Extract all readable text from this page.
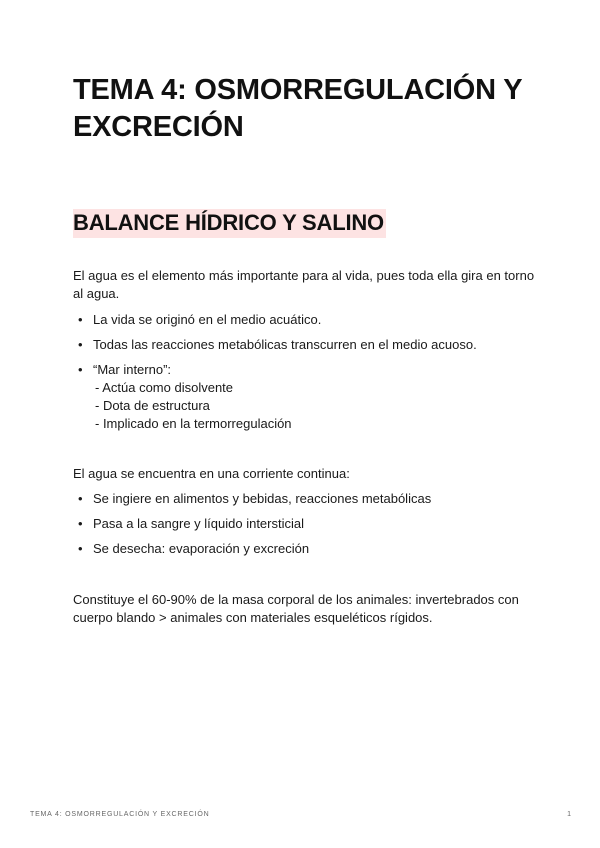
TEMA 4: OSMORREGULACIÓN Y EXCRECIÓN
BALANCE HÍDRICO Y SALINO

El agua es el elemento más importante para al vida, pues toda ella gira en torno al agua.

• La vida se originó en el medio acuático.
• Todas las reacciones metabólicas transcurren en el medio acuoso.
• “Mar interno”:
- Actúa como disolvente
- Dota de estructura
- Implicado en la termorregulación

El agua se encuentra en una corriente continua:

• Se ingiere en alimentos y bebidas, reacciones metabólicas
• Pasa a la sangre y líquido intersticial
• Se desecha: evaporación y excreción

Constituye el 60-90% de la masa corporal de los animales: invertebrados con cuerpo blando > animales con materiales esqueléticos rígidos.

TEMA 4: OSMORREGULACIÓN Y EXCRECIÓN	1
